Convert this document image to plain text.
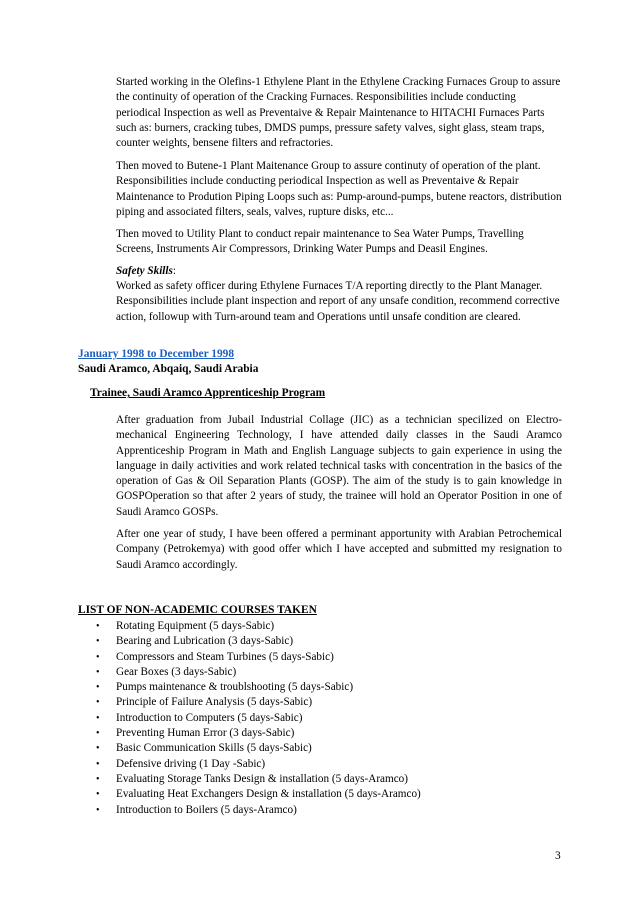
Started working in the Olefins-1 Ethylene Plant in the Ethylene Cracking Furnaces Group to assure the continuity of operation of the Cracking Furnaces. Responsibilities include conducting periodical Inspection as well as Preventaive & Repair Maintenance to HITACHI Furnaces Parts such as: burners, cracking tubes, DMDS pumps, pressure safety valves, sight glass, steam traps, counter weights, bensene filters and refractories.

Then moved to Butene-1 Plant Maitenance Group to assure continuty of operation of the plant. Responsibilities include conducting periodical Inspection as well as Preventaive & Repair Maintenance to Prodution Piping Loops such as: Pump-around-pumps, butene reactors, distribution piping and associated filters, seals, valves, rupture disks, etc...

Then moved to Utility Plant to conduct repair maintenance to Sea Water Pumps, Travelling Screens, Instruments Air Compressors, Drinking Water Pumps and Deasil Engines.

Safety Skills:

Worked as safety officer during Ethylene Furnaces T/A reporting directly to the Plant Manager. Responsibilities include plant inspection and report of any unsafe condition, recommend corrective action, followup with Turn-around team and Operations until unsafe condition are cleared.

January 1998 to December 1998
Saudi Aramco, Abqaiq, Saudi Arabia
Trainee, Saudi Aramco Apprenticeship Program

After graduation from Jubail Industrial Collage (JIC) as a technician specilized on Electro-mechanical Engineering Technology, I have attended daily classes in the Saudi Aramco Apprenticeship Program in Math and English Language subjects to gain experience in using the language in daily activities and work related technical tasks with concentration in the basics of the operation of Gas & Oil Separation Plants (GOSP). The aim of the study is to gain knowledge in GOSPOperation so that after 2 years of study, the trainee will hold an Operator Position in one of Saudi Aramco GOSPs.

After one year of study, I have been offered a perminant apportunity with Arabian Petrochemical Company (Petrokemya) with good offer which I have accepted and submitted my resignation to Saudi Aramco accordingly.

LIST OF NON-ACADEMIC COURSES TAKEN
• Rotating Equipment (5 days-Sabic)
• Bearing and Lubrication (3 days-Sabic)
• Compressors and Steam Turbines (5 days-Sabic)
• Gear Boxes (3 days-Sabic)
• Pumps maintenance & troublshooting (5 days-Sabic)
• Principle of Failure Analysis (5 days-Sabic)
• Introduction to Computers (5 days-Sabic)
• Preventing Human Error (3 days-Sabic)
• Basic Communication Skills (5 days-Sabic)
• Defensive driving (1 Day -Sabic)
• Evaluating Storage Tanks Design & installation (5 days-Aramco)
• Evaluating Heat Exchangers Design & installation (5 days-Aramco)
• Introduction to Boilers (5 days-Aramco)
3
